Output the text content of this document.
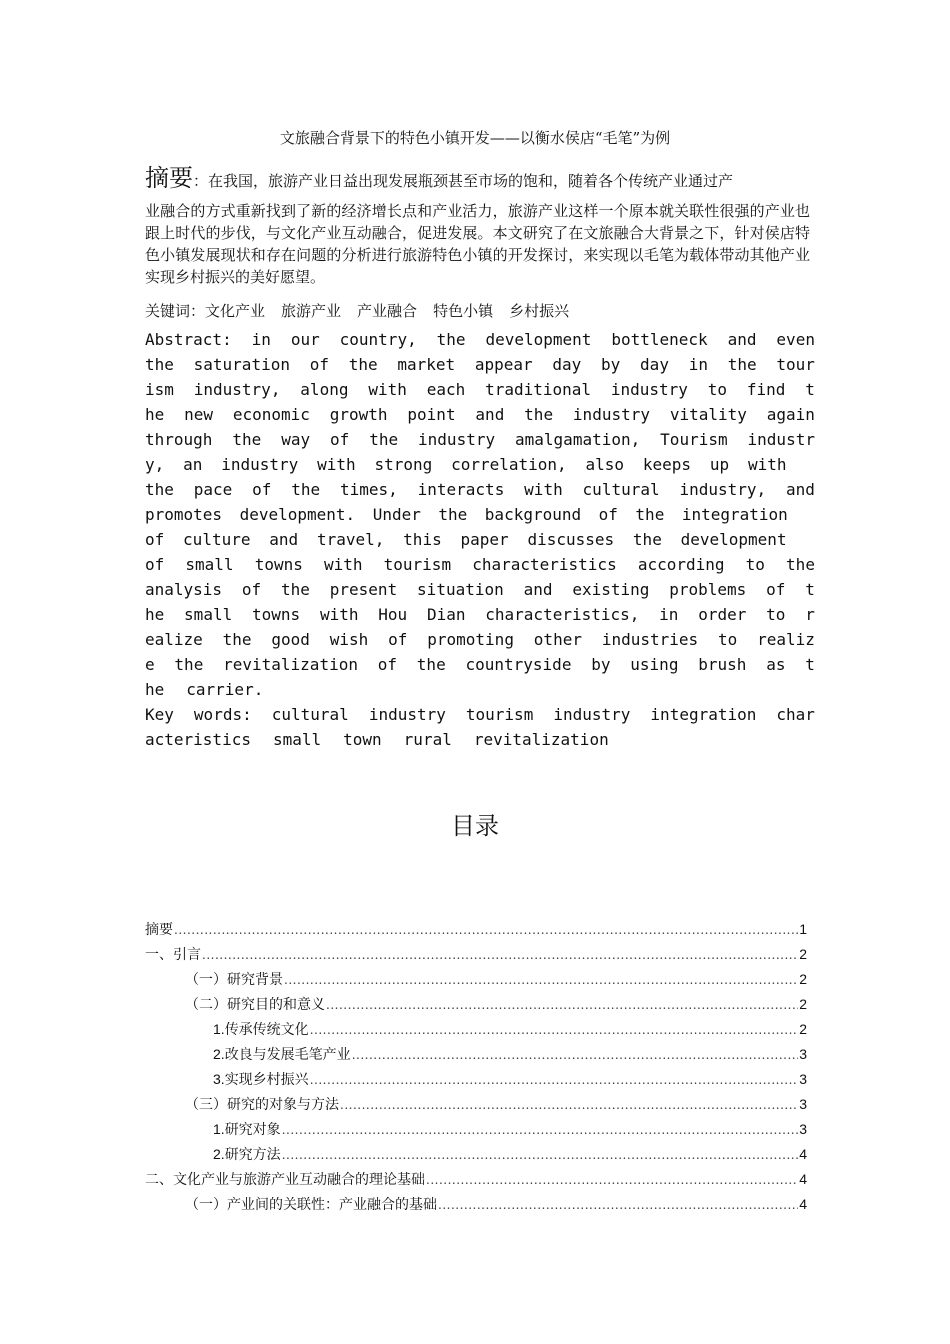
文旅融合背景下的特色小镇开发——以衡水侯店“毛笔”为例
摘要：在我国，旅游产业日益出现发展瓶颈甚至市场的饱和，随着各个传统产业通过产
业融合的方式重新找到了新的经济增长点和产业活力，旅游产业这样一个原本就关联性很强的产业也跟上时代的步伐，与文化产业互动融合，促进发展。本文研究了在文旅融合大背景之下，针对侯店特色小镇发展现状和存在问题的分析进行旅游特色小镇的开发探讨，来实现以毛笔为载体带动其他产业实现乡村振兴的美好愿望。
关键词：文化产业 旅游产业 产业融合 特色小镇 乡村振兴
Abstract: in our country, the development bottleneck and even
the saturation of the market appear day by day in the tour
ism industry, along with each traditional industry to find t
he new economic growth point and the industry vitality again
through the way of the industry amalgamation, Tourism industr
y, an industry with strong correlation, also keeps up with

the pace of the times, interacts with cultural industry, and
promotes development. Under the background of the integration

of culture and travel, this paper discusses the development

of small towns with tourism characteristics according to the
analysis of the present situation and existing problems of t
he small towns with Hou Dian characteristics, in order to r
ealize the good wish of promoting other industries to realiz
e the revitalization of the countryside by using brush as t
he carrier.
Key words: cultural industry tourism industry integration char
acteristics small town rural revitalization
目录
摘要 .....	1
一、引言 .....	2
（一）研究背景 .....	2
（二）研究目的和意义 .....	2
1.传承传统文化 .....	2
2.改良与发展毛笔产业 .....	3
3.实现乡村振兴 .....	3
（三）研究的对象与方法 .....	3
1.研究对象 .....	3
2.研究方法 .....	4
二、文化产业与旅游产业互动融合的理论基础 .....	4
（一）产业间的关联性：产业融合的基础 .....	4
